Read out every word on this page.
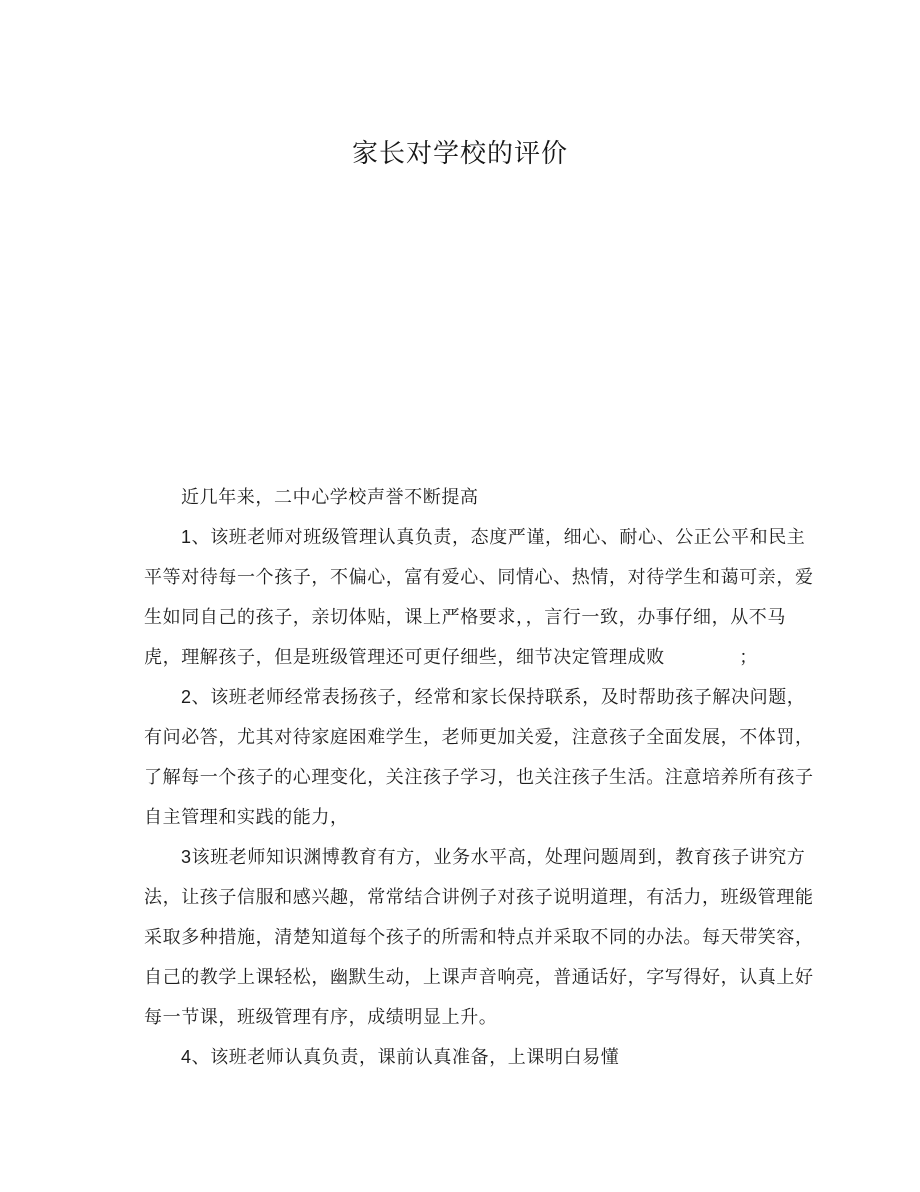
家长对学校的评价
近几年来，二中心学校声誉不断提高
1、该班老师对班级管理认真负责，态度严谨，细心、耐心、公正公平和民主
平等对待每一个孩子，不偏心，富有爱心、同情心、热情，对待学生和蔼可亲，爱
生如同自己的孩子，亲切体贴，课上严格要求，，言行一致，办事仔细，从不马
虎，理解孩子，但是班级管理还可更仔细些，细节决定管理成败　　　　；
2、该班老师经常表扬孩子，经常和家长保持联系，及时帮助孩子解决问题，
有问必答，尤其对待家庭困难学生，老师更加关爱，注意孩子全面发展，不体罚，
了解每一个孩子的心理变化，关注孩子学习，也关注孩子生活。注意培养所有孩子
自主管理和实践的能力，
3该班老师知识渊博教育有方，业务水平高，处理问题周到，教育孩子讲究方
法，让孩子信服和感兴趣，常常结合讲例子对孩子说明道理，有活力，班级管理能
采取多种措施，清楚知道每个孩子的所需和特点并采取不同的办法。每天带笑容，
自己的教学上课轻松，幽默生动，上课声音响亮，普通话好，字写得好，认真上好
每一节课，班级管理有序，成绩明显上升。
4、该班老师认真负责，课前认真准备，上课明白易懂
